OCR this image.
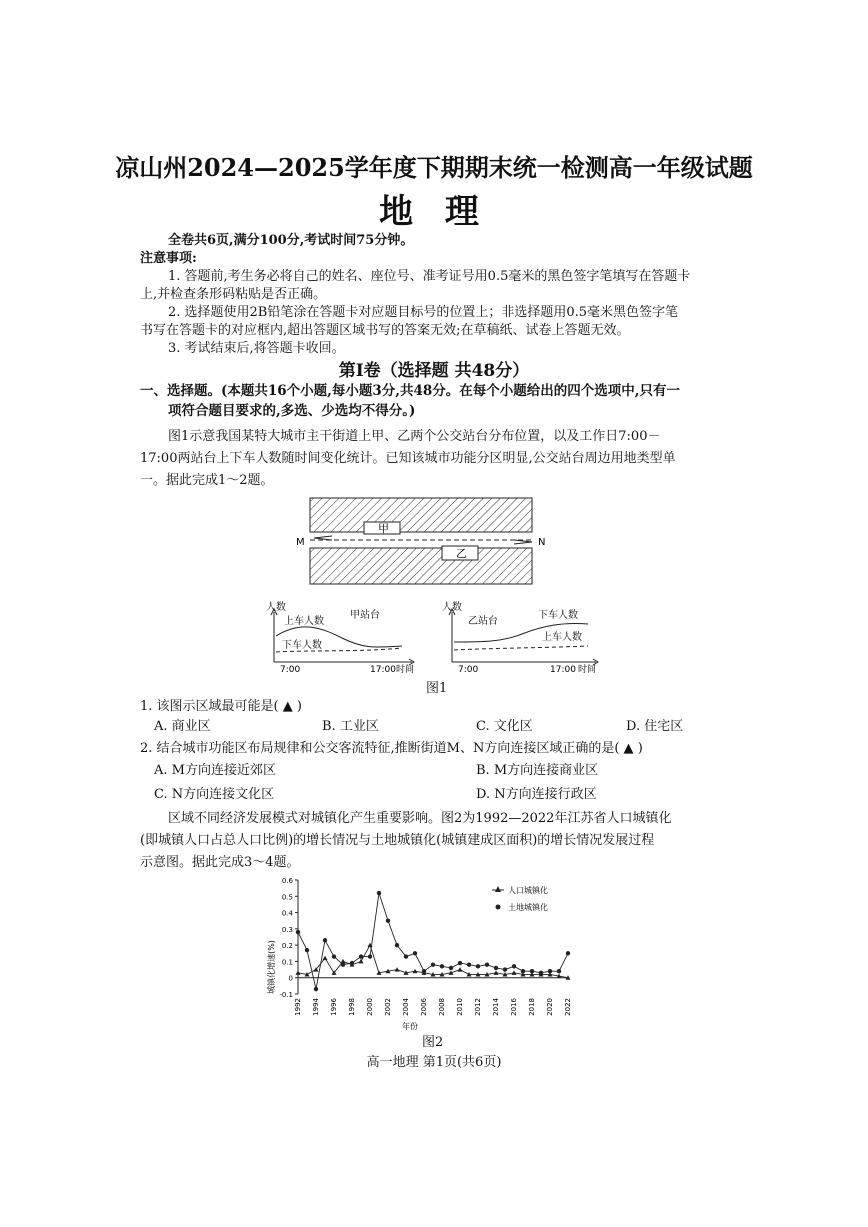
凉山州2024—2025学年度下期期末统一检测高一年级试题
地 理
全卷共6页,满分100分,考试时间75分钟。
注意事项:
1. 答题前,考生务必将自己的姓名、座位号、准考证号用0.5毫米的黑色签字笔填写在答题卡
上,并检查条形码粘贴是否正确。
2. 选择题使用2B铅笔涂在答题卡对应题目标号的位置上；非选择题用0.5毫米黑色签字笔
书写在答题卡的对应框内,超出答题区域书写的答案无效;在草稿纸、试卷上答题无效。
3. 考试结束后,将答题卡收回。
第Ⅰ卷（选择题 共48分）
一、选择题。(本题共16个小题,每小题3分,共48分。在每个小题给出的四个选项中,只有一
项符合题目要求的,多选、少选均不得分。)
图1示意我国某特大城市主干街道上甲、乙两个公交站台分布位置，以及工作日7:00－
17:00两站台上下车人数随时间变化统计。已知该城市功能分区明显,公交站台周边用地类型单
一。据此完成1～2题。
甲
乙
M	N
人数
甲站台
上车人数
下车人数
7:00	17:00 时间
人数
乙站台
下车人数
上车人数
7:00	17:00 时间
图1
1. 该图示区域最可能是( ▲ )
A. 商业区	B. 工业区	C. 文化区	D. 住宅区
2. 结合城市功能区布局规律和公交客流特征,推断街道M、N方向连接区域正确的是( ▲ )
A. M方向连接近郊区	B. M方向连接商业区
C. N方向连接文化区	D. N方向连接行政区
区域不同经济发展模式对城镇化产生重要影响。图2为1992—2022年江苏省人口城镇化
(即城镇人口占总人口比例)的增长情况与土地城镇化(城镇建成区面积)的增长情况发展过程
示意图。据此完成3～4题。
-0.1
0
0.1
0.2
0.3
0.4
0.5
0.6
1992 1994 1996 1998 2000 2002 2004 2006 2008 2010 2012 2014 2016 2018 2020 2022
城镇化增速(%)
年份
人口城镇化
土地城镇化
图2
高一地理 第1页(共6页)
